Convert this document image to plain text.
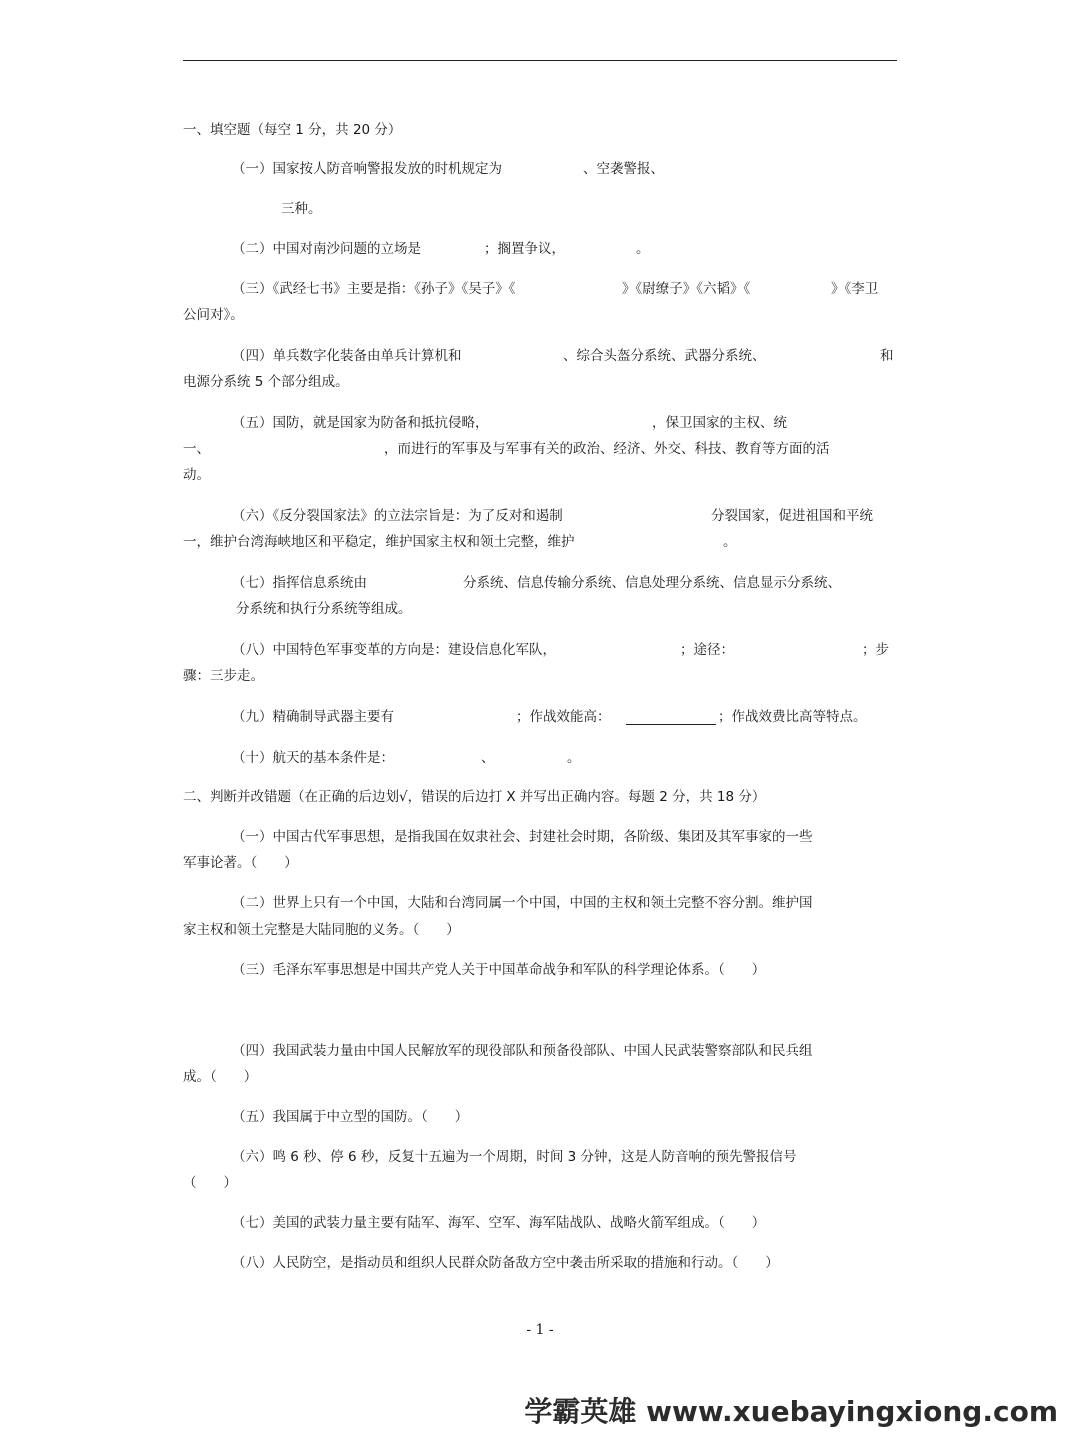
一、填空题（每空 1 分，共 20 分）

（一）国家按人防音响警报发放的时机规定为	、空袭警报、

三种。

（二）中国对南沙问题的立场是	；搁置争议，	。

（三）《武经七书》主要是指：《孙子》《吴子》《	》《尉缭子》《六韬》《	》《李卫

公问对》。

（四）单兵数字化装备由单兵计算机和	、综合头盔分系统、武器分系统、	和

电源分系统 5 个部分组成。

（五）国防，就是国家为防备和抵抗侵略，	，保卫国家的主权、统

一、	，而进行的军事及与军事有关的政治、经济、外交、科技、教育等方面的活

动。

（六）《反分裂国家法》的立法宗旨是：为了反对和遏制	分裂国家，促进祖国和平统

一，维护台湾海峡地区和平稳定，维护国家主权和领土完整，维护	。

（七）指挥信息系统由	分系统、信息传输分系统、信息处理分系统、信息显示分系统、

分系统和执行分系统等组成。

（八）中国特色军事变革的方向是：建设信息化军队，	；途径：	；步

骤：三步走。

（九）精确制导武器主要有	；作战效能高：	；作战效费比高等特点。

（十）航天的基本条件是：	、	。

二、判断并改错题（在正确的后边划√，错误的后边打 X 并写出正确内容。每题 2 分，共 18 分）

（一）中国古代军事思想，是指我国在奴隶社会、封建社会时期，各阶级、集团及其军事家的一些

军事论著。（　　）

（二）世界上只有一个中国，大陆和台湾同属一个中国，中国的主权和领土完整不容分割。维护国

家主权和领土完整是大陆同胞的义务。（　　）

（三）毛泽东军事思想是中国共产党人关于中国革命战争和军队的科学理论体系。（　　）

（四）我国武装力量由中国人民解放军的现役部队和预备役部队、中国人民武装警察部队和民兵组

成。（　　）

（五）我国属于中立型的国防。（　　）

（六）鸣 6 秒、停 6 秒，反复十五遍为一个周期，时间 3 分钟，这是人防音响的预先警报信号

（　　）

（七）美国的武装力量主要有陆军、海军、空军、海军陆战队、战略火箭军组成。（　　）

（八）人民防空，是指动员和组织人民群众防备敌方空中袭击所采取的措施和行动。（　　）

- 1 -
学霸英雄 www.xuebayingxiong.com
